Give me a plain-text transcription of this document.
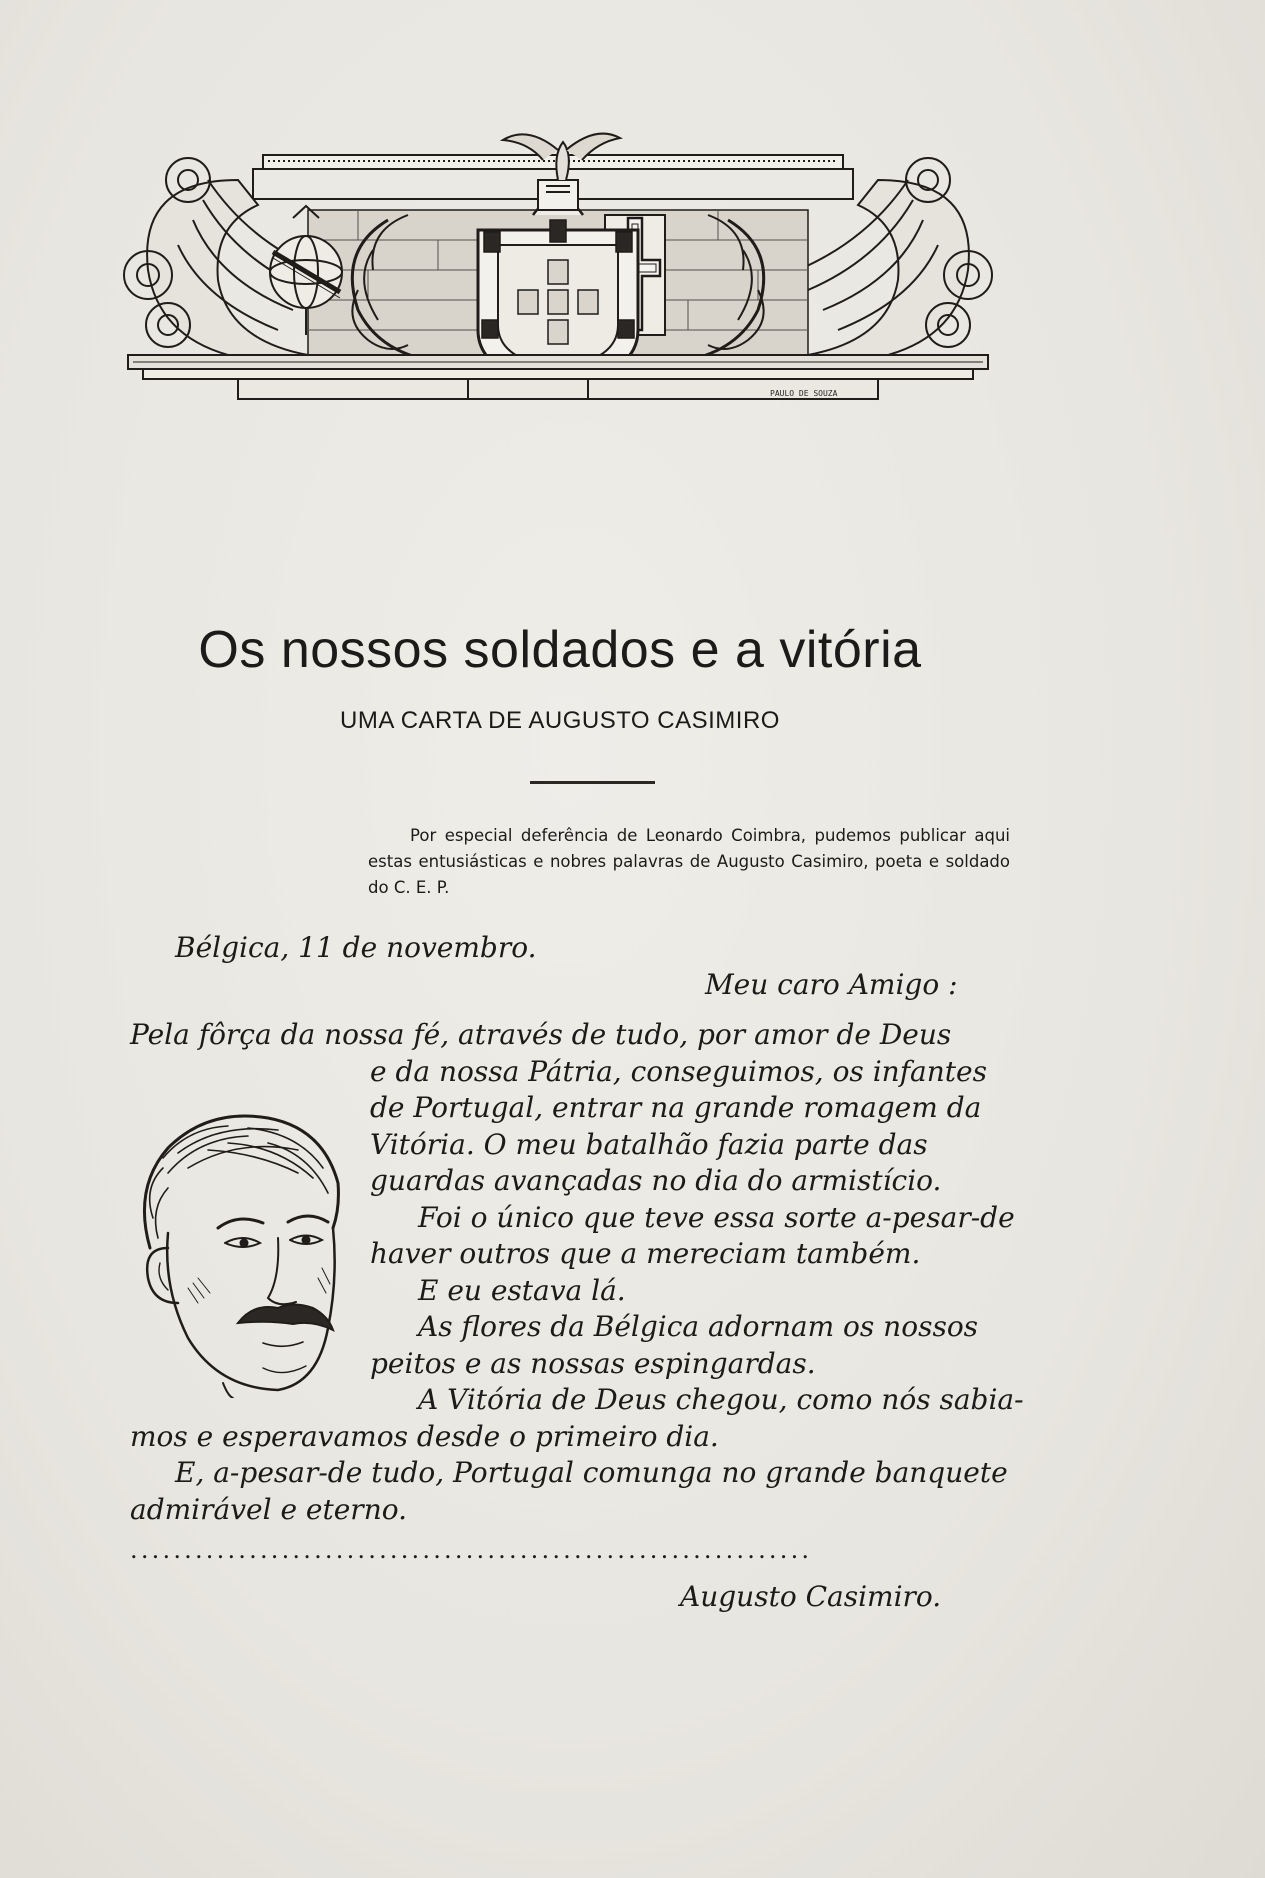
PAULO DE SOUZA
Os nossos soldados e a vitória
UMA CARTA DE AUGUSTO CASIMIRO

Por especial deferência de Leonardo Coimbra, pudemos publicar aqui estas entusiásticas e nobres palavras de Augusto Casimiro, poeta e soldado do C. E. P.

Bélgica, 11 de novembro.
Meu caro Amigo :
Pela fôrça da nossa fé, através de tudo, por amor de Deus
e da nossa Pátria, conseguimos, os infantes
de Portugal, entrar na grande romagem da
Vitória. O meu batalhão fazia parte das
guardas avançadas no dia do armistício.
Foi o único que teve essa sorte a-pesar-de
haver outros que a mereciam também.
E eu estava lá.
As flores da Bélgica adornam os nossos
peitos e as nossas espingardas.
A Vitória de Deus chegou, como nós sabia-
mos e esperavamos desde o primeiro dia.
E, a-pesar-de tudo, Portugal comunga no grande banquete
admirável e eterno.
...............................................................
Augusto Casimiro.
